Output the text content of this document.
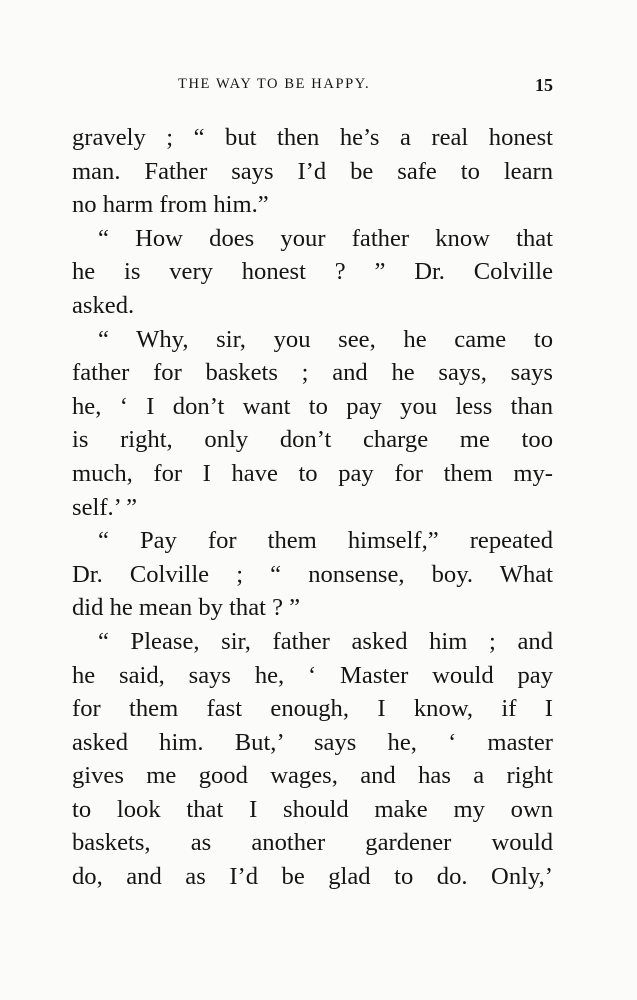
THE WAY TO BE HAPPY.	15
gravely ; “ but then he’s a real honest
man. Father says I’d be safe to learn
no harm from him.”
“ How does your father know that
he is very honest ? ” Dr. Colville
asked.
“ Why, sir, you see, he came to
father for baskets ; and he says, says
he, ‘ I don’t want to pay you less than
is right, only don’t charge me too
much, for I have to pay for them my-
self.’ ”
“ Pay for them himself,” repeated
Dr. Colville ; “ nonsense, boy. What
did he mean by that ? ”
“ Please, sir, father asked him ; and
he said, says he, ‘ Master would pay
for them fast enough, I know, if I
asked him. But,’ says he, ‘ master
gives me good wages, and has a right
to look that I should make my own
baskets, as another gardener would
do, and as I’d be glad to do. Only,’
